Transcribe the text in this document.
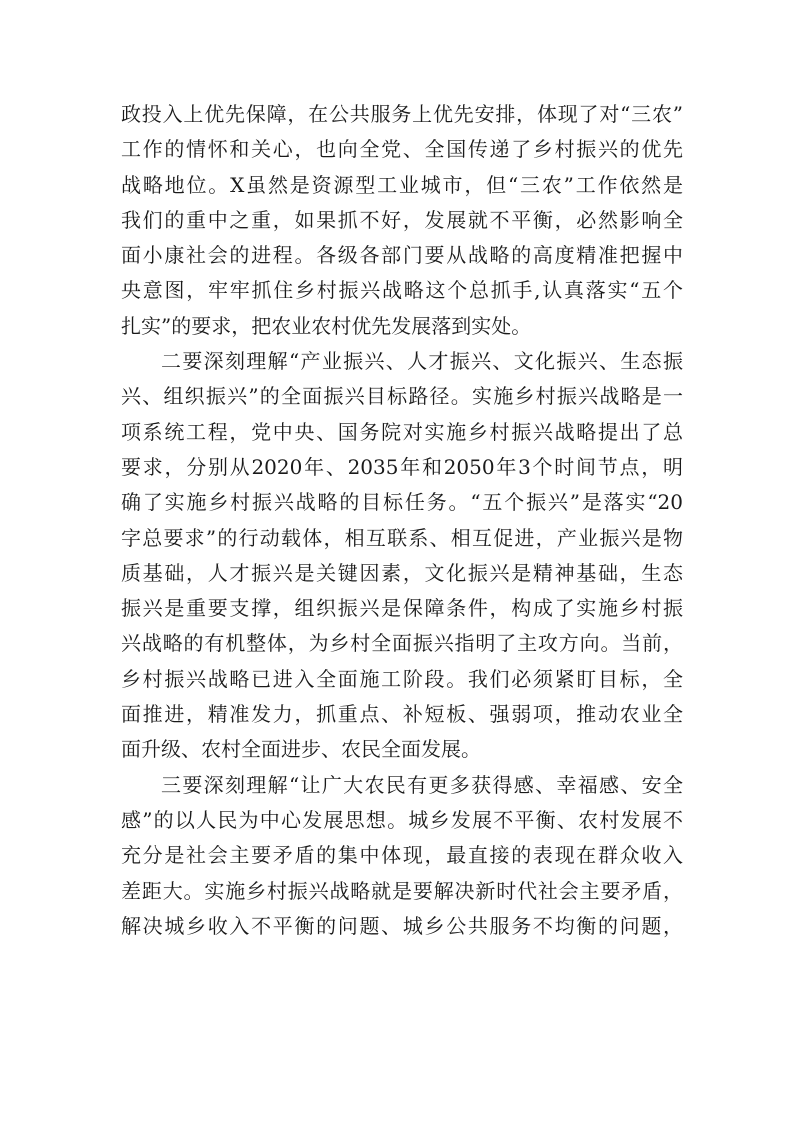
政投入上优先保障，在公共服务上优先安排，体现了对“三农”
工作的情怀和关心，也向全党、全国传递了乡村振兴的优先
战略地位。X虽然是资源型工业城市，但“三农”工作依然是
我们的重中之重，如果抓不好，发展就不平衡，必然影响全
面小康社会的进程。各级各部门要从战略的高度精准把握中
央意图，牢牢抓住乡村振兴战略这个总抓手,认真落实“五个
扎实”的要求，把农业农村优先发展落到实处。
二要深刻理解“产业振兴、人才振兴、文化振兴、生态振
兴、组织振兴”的全面振兴目标路径。实施乡村振兴战略是一
项系统工程，党中央、国务院对实施乡村振兴战略提出了总
要求，分别从2020年、2035年和2050年3个时间节点，明
确了实施乡村振兴战略的目标任务。“五个振兴”是落实“20
字总要求”的行动载体，相互联系、相互促进，产业振兴是物
质基础，人才振兴是关键因素，文化振兴是精神基础，生态
振兴是重要支撑，组织振兴是保障条件，构成了实施乡村振
兴战略的有机整体，为乡村全面振兴指明了主攻方向。当前，
乡村振兴战略已进入全面施工阶段。我们必须紧盯目标，全
面推进，精准发力，抓重点、补短板、强弱项，推动农业全
面升级、农村全面进步、农民全面发展。
三要深刻理解“让广大农民有更多获得感、幸福感、安全
感”的以人民为中心发展思想。城乡发展不平衡、农村发展不
充分是社会主要矛盾的集中体现，最直接的表现在群众收入
差距大。实施乡村振兴战略就是要解决新时代社会主要矛盾，
解决城乡收入不平衡的问题、城乡公共服务不均衡的问题，
